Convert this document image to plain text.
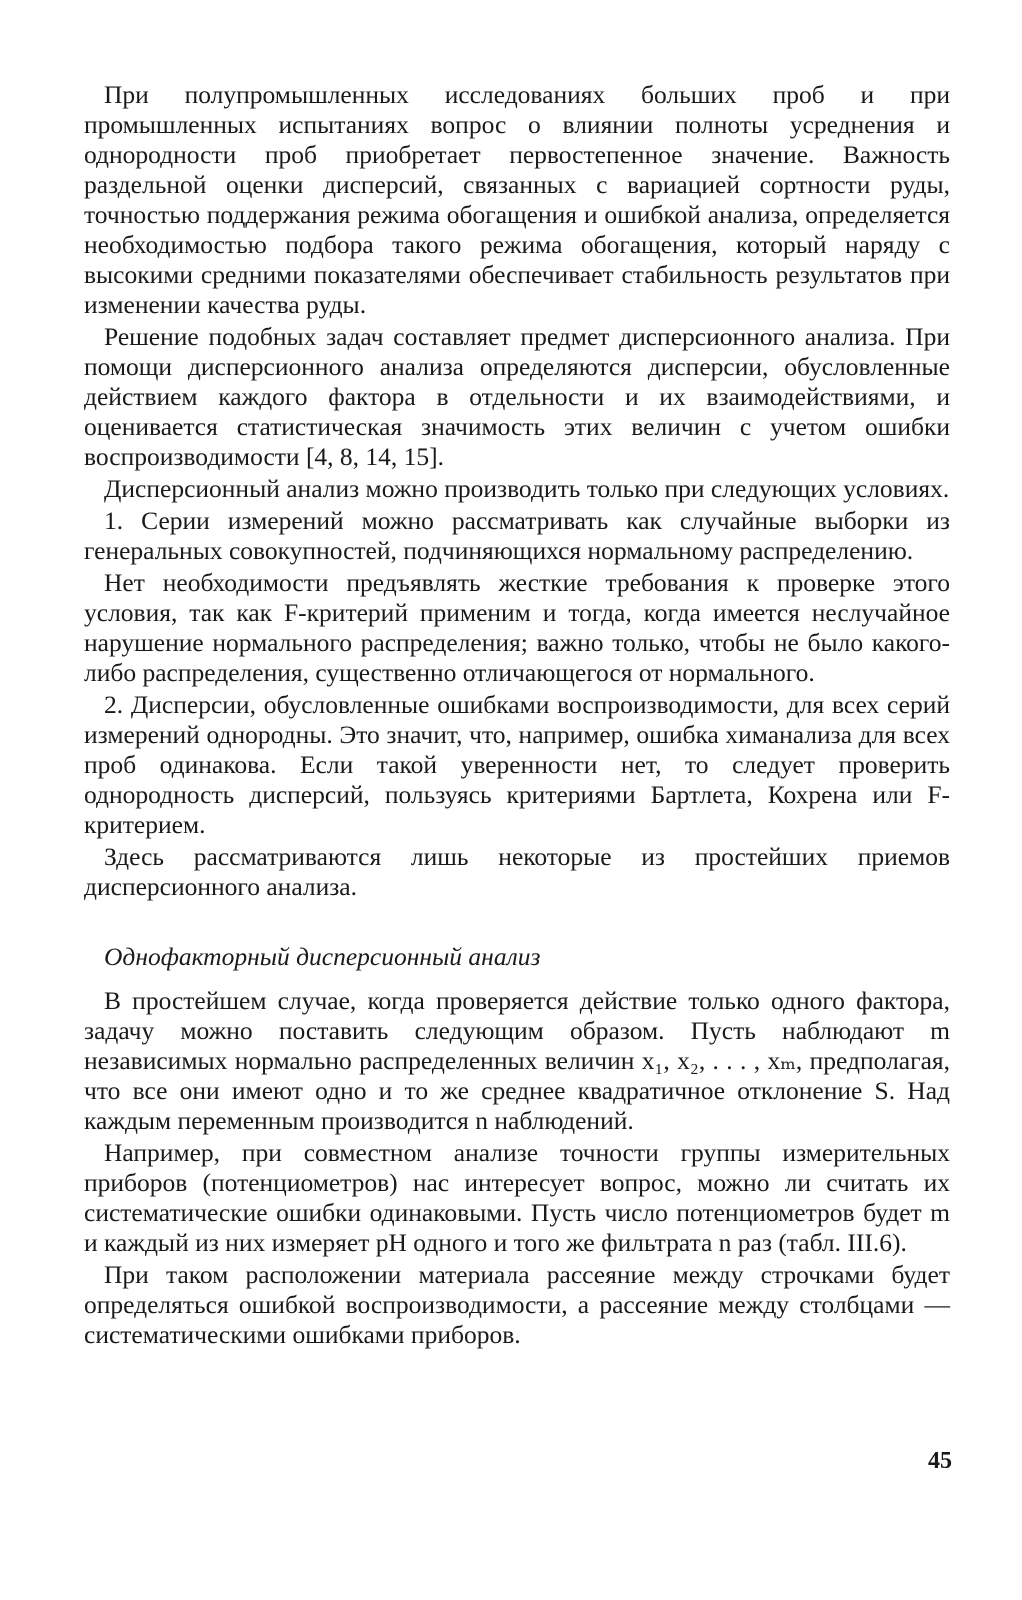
При полупромышленных исследованиях больших проб и при промышленных испытаниях вопрос о влиянии полноты усреднения и однородности проб приобретает первостепенное значение. Важность раздельной оценки дисперсий, связанных с вариацией сортности руды, точностью поддержания режима обогащения и ошибкой анализа, определяется необходимостью подбора такого режима обогащения, который наряду с высокими средними показателями обеспечивает стабильность результатов при изменении качества руды.

Решение подобных задач составляет предмет дисперсионного анализа. При помощи дисперсионного анализа определяются дисперсии, обусловленные действием каждого фактора в отдельности и их взаимодействиями, и оценивается статистическая значимость этих величин с учетом ошибки воспроизводимости [4, 8, 14, 15].

Дисперсионный анализ можно производить только при следующих условиях.

1. Серии измерений можно рассматривать как случайные выборки из генеральных совокупностей, подчиняющихся нормальному распределению.

Нет необходимости предъявлять жесткие требования к проверке этого условия, так как F-критерий применим и тогда, когда имеется неслучайное нарушение нормального распределения; важно только, чтобы не было какого-либо распределения, существенно отличающегося от нормального.

2. Дисперсии, обусловленные ошибками воспроизводимости, для всех серий измерений однородны. Это значит, что, например, ошибка химанализа для всех проб одинакова. Если такой уверенности нет, то следует проверить однородность дисперсий, пользуясь критериями Бартлета, Кохрена или F-критерием.

Здесь рассматриваются лишь некоторые из простейших приемов дисперсионного анализа.

Однофакторный дисперсионный анализ

В простейшем случае, когда проверяется действие только одного фактора, задачу можно поставить следующим образом. Пусть наблюдают m независимых нормально распределенных величин x₁, x₂, . . . , xₘ, предполагая, что все они имеют одно и то же среднее квадратичное отклонение S. Над каждым переменным производится n наблюдений.

Например, при совместном анализе точности группы измерительных приборов (потенциометров) нас интересует вопрос, можно ли считать их систематические ошибки одинаковыми. Пусть число потенциометров будет m и каждый из них измеряет pH одного и того же фильтрата n раз (табл. III.6).

При таком расположении материала рассеяние между строчками будет определяться ошибкой воспроизводимости, а рассеяние между столбцами — систематическими ошибками приборов.

45
